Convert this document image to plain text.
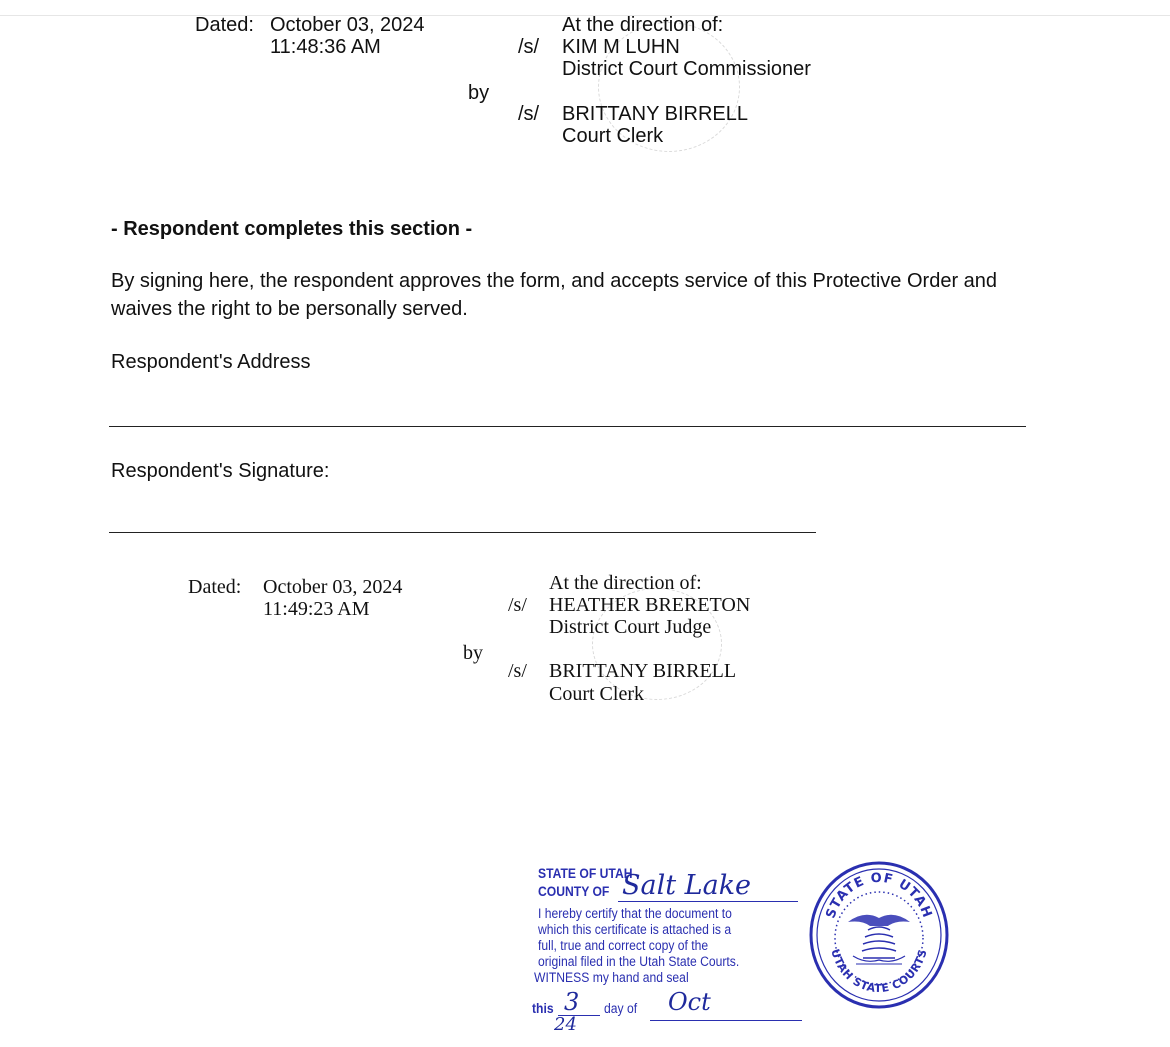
Dated: October 03, 2024
11:48:36 AM
At the direction of:
/s/ KIM M LUHN
District Court Commissioner
by
/s/ BRITTANY BIRRELL
Court Clerk
- Respondent completes this section -
By signing here, the respondent approves the form, and accepts service of this Protective Order and
waives the right to be personally served.
Respondent's Address
Respondent's Signature:
Dated: October 03, 2024
11:49:23 AM
At the direction of:
/s/ HEATHER BRERETON
District Court Judge
by
/s/ BRITTANY BIRRELL
Court Clerk
STATE OF UTAH
COUNTY OF Salt Lake
I hereby certify that the document to
which this certificate is attached is a
full, true and correct copy of the
original filed in the Utah State Courts.
WITNESS my hand and seal
this 3 day of Oct
24
STATE OF UTAH
UTAH STATE COURTS
